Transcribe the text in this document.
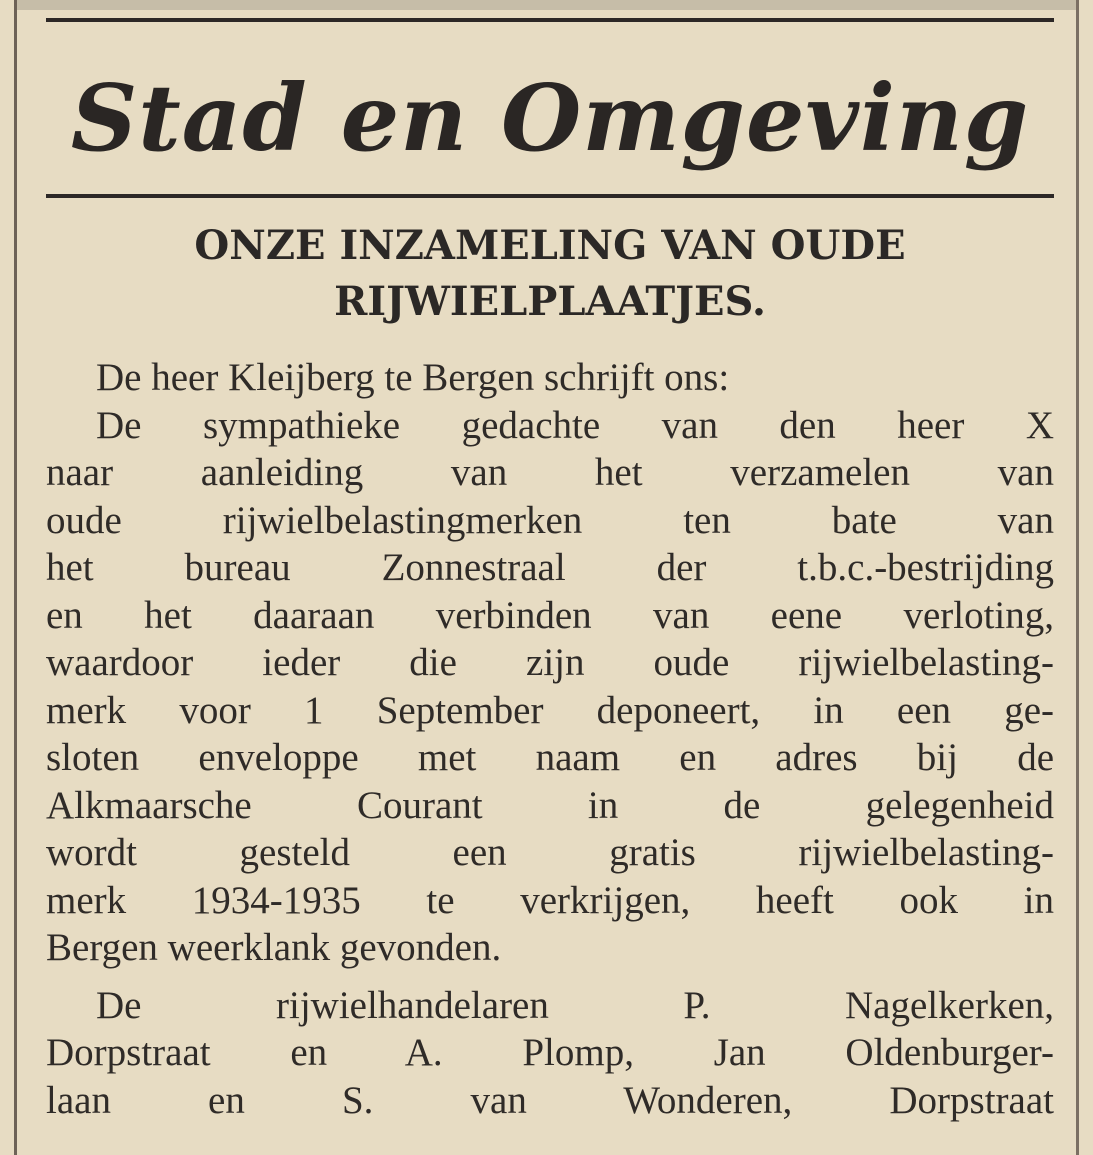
Stad en Omgeving
ONZE INZAMELING VAN OUDE
RIJWIELPLAATJES.
De heer Kleijberg te Bergen schrijft ons:
De sympathieke gedachte van den heer X
naar aanleiding van het verzamelen van
oude rijwielbelastingmerken ten bate van
het bureau Zonnestraal der t.b.c.-bestrijding
en het daaraan verbinden van eene verloting,
waardoor ieder die zijn oude rijwielbelasting-
merk voor 1 September deponeert, in een ge-
sloten enveloppe met naam en adres bij de
Alkmaarsche Courant in de gelegenheid
wordt gesteld een gratis rijwielbelasting-
merk 1934-1935 te verkrijgen, heeft ook in
Bergen weerklank gevonden.
De rijwielhandelaren P. Nagelkerken,
Dorpstraat en A. Plomp, Jan Oldenburger-
laan en S. van Wonderen, Dorpstraat
